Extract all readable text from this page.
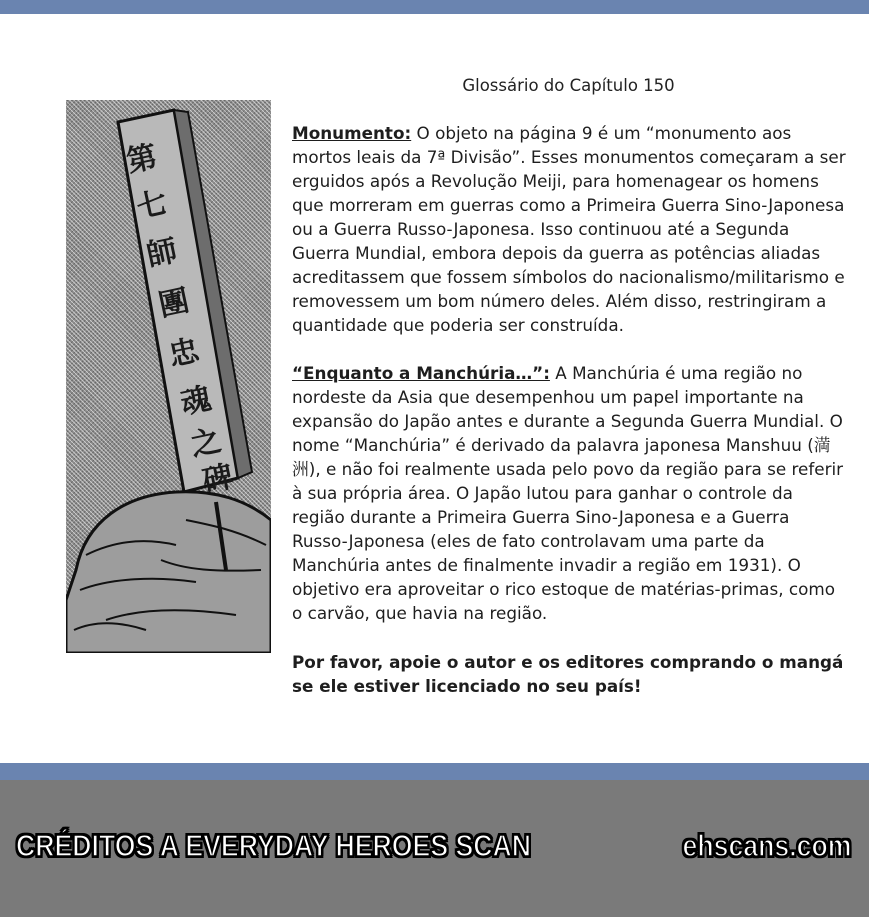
Glossário do Capítulo 150
第
七
師
團
忠
魂
之
碑

Monumento: O objeto na página 9 é um “monumento aos mortos leais da 7ª Divisão”. Esses monumentos começaram a ser erguidos após a Revolução Meiji, para homenagear os homens que morreram em guerras como a Primeira Guerra Sino-Japonesa ou a Guerra Russo-Japonesa. Isso continuou até a Segunda Guerra Mundial, embora depois da guerra as potências aliadas acreditassem que fossem símbolos do nacionalismo/militarismo e removessem um bom número deles. Além disso, restringiram a quantidade que poderia ser construída.

“Enquanto a Manchúria…”: A Manchúria é uma região no nordeste da Asia que desempenhou um papel importante na expansão do Japão antes e durante a Segunda Guerra Mundial. O nome “Manchúria” é derivado da palavra japonesa Manshuu (満洲), e não foi realmente usada pelo povo da região para se referir à sua própria área. O Japão lutou para ganhar o controle da região durante a Primeira Guerra Sino-Japonesa e a Guerra Russo-Japonesa (eles de fato controlavam uma parte da Manchúria antes de finalmente invadir a região em 1931). O objetivo era aproveitar o rico estoque de matérias-primas, como o carvão, que havia na região.

Por favor, apoie o autor e os editores comprando o mangá se ele estiver licenciado no seu país!

CRÉDITOS A EVERYDAY HEROES SCAN	ehscans.com
